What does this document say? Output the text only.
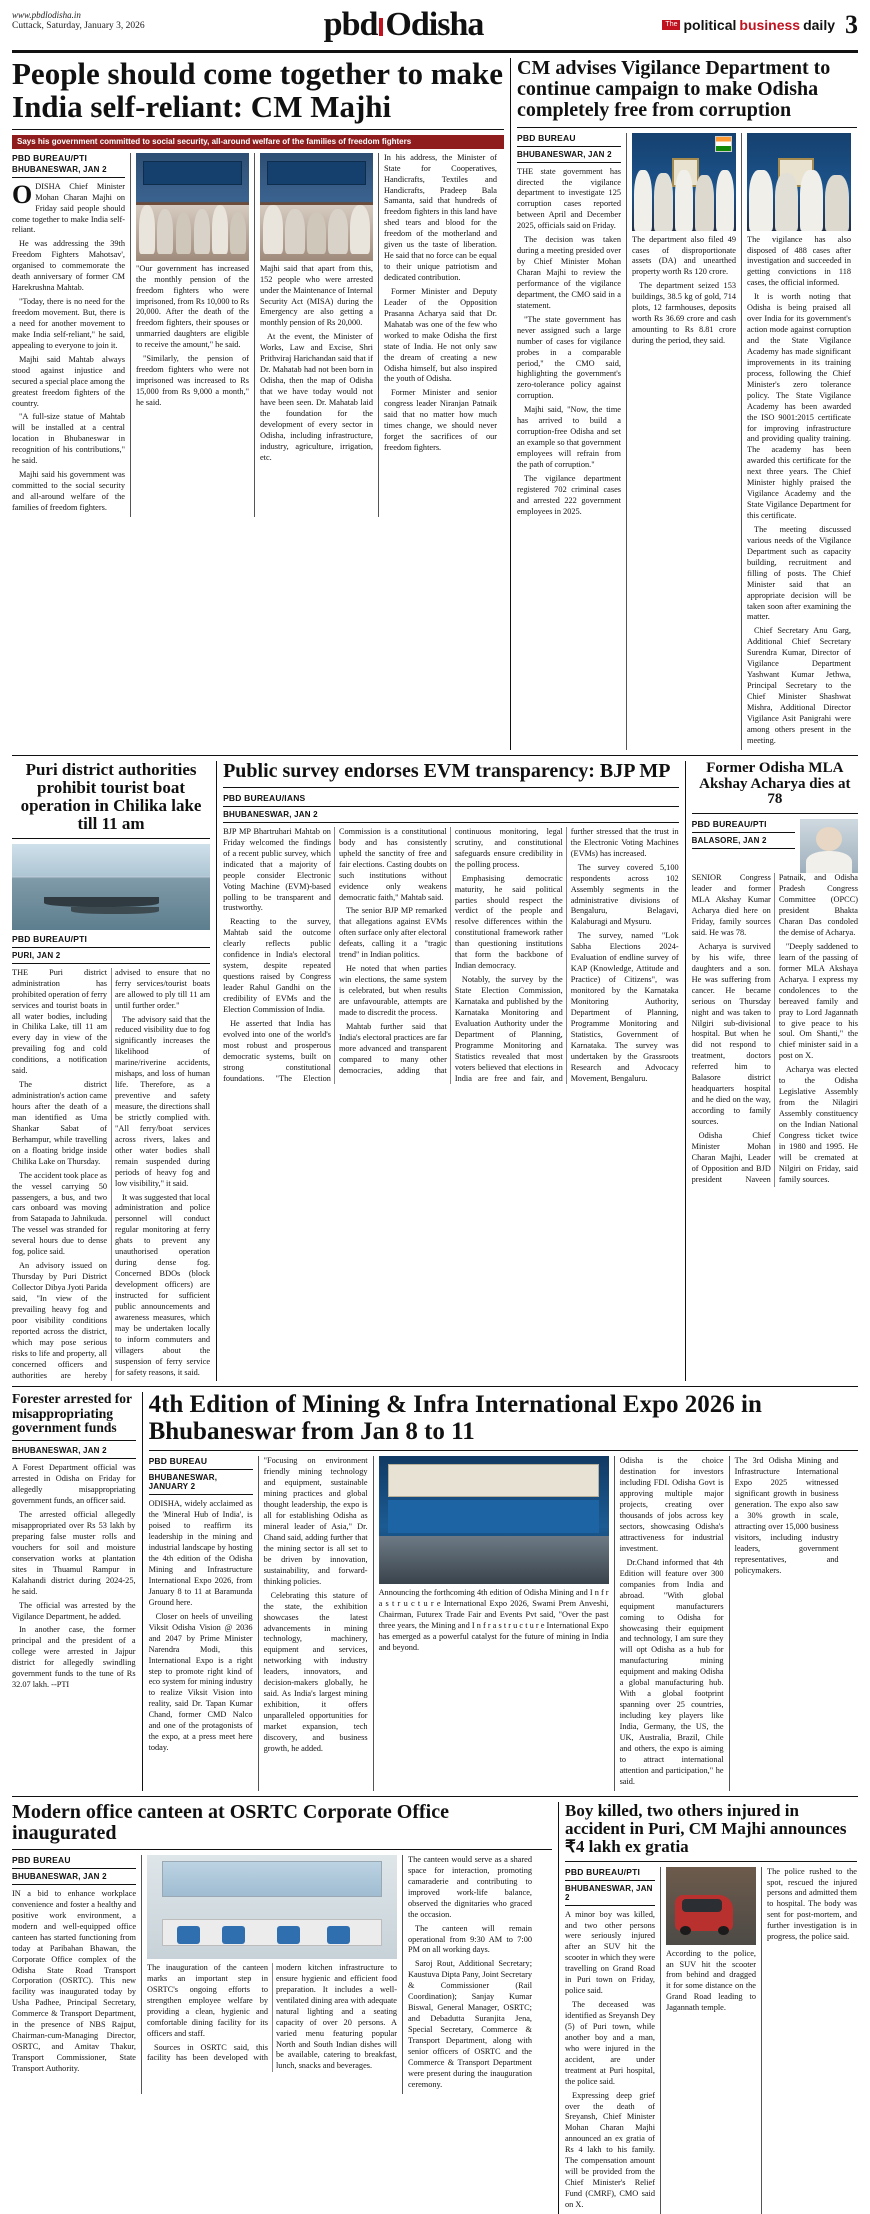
www.pbdlodisha.in
Cuttack, Saturday, January 3, 2026	pbd Odisha	The political business daily 3
People should come together to make India self-reliant: CM Majhi
Says his government committed to social security, all-around welfare of the families of freedom fighters
PBD BUREAU/PTI
BHUBANESWAR, JAN 2

ODISHA Chief Minister Mohan Charan Majhi on Friday said people should come together to make India self-reliant.

He was addressing the 39th Freedom Fighters Mahotsav', organised to commemorate the death anniversary of former CM Harekrushna Mahtab.

"Today, there is no need for the freedom movement. But, there is a need for another movement to make India self-reliant," he said, appealing to everyone to join it.

Majhi said Mahtab always stood against injustice and secured a special place among the greatest freedom fighters of the country.

"A full-size statue of Mahtab will be installed at a central location in Bhubaneswar in recognition of his contributions," he said.

Majhi said his government was committed to the social security and all-around welfare of the families of freedom fighters.

"Our government has increased the monthly pension of the freedom fighters who were imprisoned, from Rs 10,000 to Rs 20,000. After the death of the freedom fighters, their spouses or unmarried daughters are eligible to receive the amount," he said.

"Similarly, the pension of freedom fighters who were not imprisoned was increased to Rs 15,000 from Rs 9,000 a month," he said.

Majhi said that apart from this, 152 people who were arrested under the Maintenance of Internal Security Act (MISA) during the Emergency are also getting a monthly pension of Rs 20,000.

At the event, the Minister of Works, Law and Excise, Shri Prithviraj Harichandan said that if Dr. Mahatab had not been born in Odisha, then the map of Odisha that we have today would not have been seen. Dr. Mahatab laid the foundation for the development of every sector in Odisha, including infrastructure, industry, agriculture, irrigation, etc.

In his address, the Minister of State for Cooperatives, Handicrafts, Textiles and Handicrafts, Pradeep Bala Samanta, said that hundreds of freedom fighters in this land have shed tears and blood for the freedom of the motherland and given us the taste of liberation. He said that no force can be equal to their unique patriotism and dedicated contribution.

Former Minister and Deputy Leader of the Opposition Prasanna Acharya said that Dr. Mahatab was one of the few who worked to make Odisha the first state of India. He not only saw the dream of creating a new Odisha himself, but also inspired the youth of Odisha.

Former Minister and senior congress leader Niranjan Patnaik said that no matter how much times change, we should never forget the sacrifices of our freedom fighters.

CM advises Vigilance Department to continue campaign to make Odisha completely free from corruption
PBD BUREAU
BHUBANESWAR, JAN 2

THE state government has directed the vigilance department to investigate 125 corruption cases reported between April and December 2025, officials said on Friday.

The decision was taken during a meeting presided over by Chief Minister Mohan Charan Majhi to review the performance of the vigilance department, the CMO said in a statement.

"The state government has never assigned such a large number of cases for vigilance probes in a comparable period," the CMO said, highlighting the government's zero-tolerance policy against corruption.

Majhi said, "Now, the time has arrived to build a corruption-free Odisha and set an example so that government employees will refrain from the path of corruption."

The vigilance department registered 702 criminal cases and arrested 222 government employees in 2025.

The department also filed 49 cases of disproportionate assets (DA) and unearthed property worth Rs 120 crore.

The department seized 153 buildings, 38.5 kg of gold, 714 plots, 12 farmhouses, deposits worth Rs 36.69 crore and cash amounting to Rs 8.81 crore during the period, they said.

The vigilance has also disposed of 488 cases after investigation and succeeded in getting convictions in 118 cases, the official informed.

It is worth noting that Odisha is being praised all over India for its government's action mode against corruption and the State Vigilance Academy has made significant improvements in its training process, following the Chief Minister's zero tolerance policy. The State Vigilance Academy has been awarded the ISO 9001:2015 certificate for improving infrastructure and providing quality training. The academy has been awarded this certificate for the next three years. The Chief Minister highly praised the Vigilance Academy and the State Vigilance Department for this certificate.

The meeting discussed various needs of the Vigilance Department such as capacity building, recruitment and filling of posts. The Chief Minister said that an appropriate decision will be taken soon after examining the matter.

Chief Secretary Anu Garg, Additional Chief Secretary Surendra Kumar, Director of Vigilance Department Yashwant Kumar Jethwa, Principal Secretary to the Chief Minister Shashwat Mishra, Additional Director Vigilance Asit Panigrahi were among others present in the meeting.

Puri district authorities prohibit tourist boat operation in Chilika lake till 11 am
PBD BUREAU/PTI
PURI, JAN 2

THE Puri district administration has prohibited operation of ferry services and tourist boats in all water bodies, including in Chilika Lake, till 11 am every day in view of the prevailing fog and cold conditions, a notification said.

The district administration's action came hours after the death of a man identified as Uma Shankar Sabat of Berhampur, while travelling on a floating bridge inside Chilika Lake on Thursday.

The accident took place as the vessel carrying 50 passengers, a bus, and two cars onboard was moving from Satapada to Jahnikuda. The vessel was stranded for several hours due to dense fog, police said.

An advisory issued on Thursday by Puri District Collector Dibya Jyoti Parida said, "In view of the prevailing heavy fog and poor visibility conditions reported across the district, which may pose serious risks to life and property, all concerned officers and authorities are hereby advised to ensure that no ferry services/tourist boats are allowed to ply till 11 am until further order."

The advisory said that the reduced visibility due to fog significantly increases the likelihood of marine/riverine accidents, mishaps, and loss of human life. Therefore, as a preventive and safety measure, the directions shall be strictly complied with. "All ferry/boat services across rivers, lakes and other water bodies shall remain suspended during periods of heavy fog and low visibility," it said.

It was suggested that local administration and police personnel will conduct regular monitoring at ferry ghats to prevent any unauthorised operation during dense fog. Concerned BDOs (block development officers) are instructed for sufficient public announcements and awareness measures, which may be undertaken locally to inform commuters and villagers about the suspension of ferry service for safety reasons, it said.

Public survey endorses EVM transparency: BJP MP
PBD BUREAU/IANS
BHUBANESWAR, JAN 2

BJP MP Bhartruhari Mahtab on Friday welcomed the findings of a recent public survey, which indicated that a majority of people consider Electronic Voting Machine (EVM)-based polling to be transparent and trustworthy.

Reacting to the survey, Mahtab said the outcome clearly reflects public confidence in India's electoral system, despite repeated questions raised by Congress leader Rahul Gandhi on the credibility of EVMs and the Election Commission of India.

He asserted that India has evolved into one of the world's most robust and prosperous democratic systems, built on strong constitutional foundations. "The Election Commission is a constitutional body and has consistently upheld the sanctity of free and fair elections. Casting doubts on such institutions without evidence only weakens democratic faith," Mahtab said.

The senior BJP MP remarked that allegations against EVMs often surface only after electoral defeats, calling it a "tragic trend" in Indian politics.

He noted that when parties win elections, the same system is celebrated, but when results are unfavourable, attempts are made to discredit the process.

Mahtab further said that India's electoral practices are far more advanced and transparent compared to many other democracies, adding that continuous monitoring, legal scrutiny, and constitutional safeguards ensure credibility in the polling process.

Emphasising democratic maturity, he said political parties should respect the verdict of the people and resolve differences within the constitutional framework rather than questioning institutions that form the backbone of Indian democracy.

Notably, the survey by the State Election Commission, Karnataka and published by the Karnataka Monitoring and Evaluation Authority under the Department of Planning, Programme Monitoring and Statistics revealed that most voters believed that elections in India are free and fair, and further stressed that the trust in the Electronic Voting Machines (EVMs) has increased.

The survey covered 5,100 respondents across 102 Assembly segments in the administrative divisions of Bengaluru, Belagavi, Kalaburagi and Mysuru.

The survey, named "Lok Sabha Elections 2024- Evaluation of endline survey of KAP (Knowledge, Attitude and Practice) of Citizens", was monitored by the Karnataka Monitoring Authority, Department of Planning, Programme Monitoring and Statistics, Government of Karnataka. The survey was undertaken by the Grassroots Research and Advocacy Movement, Bengaluru.

Former Odisha MLA Akshay Acharya dies at 78
PBD BUREAU/PTI
BALASORE, JAN 2

SENIOR Congress leader and former MLA Akshay Kumar Acharya died here on Friday, family sources said. He was 78.

Acharya is survived by his wife, three daughters and a son. He was suffering from cancer. He became serious on Thursday night and was taken to Nilgiri sub-divisional hospital. But when he did not respond to treatment, doctors referred him to Balasore district headquarters hospital and he died on the way, according to family sources.

Odisha Chief Minister Mohan Charan Majhi, Leader of Opposition and BJD president Naveen Patnaik, and Odisha Pradesh Congress Committee (OPCC) president Bhakta Charan Das condoled the demise of Acharya.

"Deeply saddened to learn of the passing of former MLA Akshaya Acharya. I express my condolences to the bereaved family and pray to Lord Jagannath to give peace to his soul. Om Shanti," the chief minister said in a post on X.

Acharya was elected to the Odisha Legislative Assembly from the Nilagiri Assembly constituency on the Indian National Congress ticket twice in 1980 and 1995. He will be cremated at Nilgiri on Friday, said family sources.

Forester arrested for misappropriating government funds
BHUBANESWAR, JAN 2

A Forest Department official was arrested in Odisha on Friday for allegedly misappropriating government funds, an officer said.

The arrested official allegedly misappropriated over Rs 53 lakh by preparing false muster rolls and vouchers for soil and moisture conservation works at plantation sites in Thuamul Rampur in Kalahandi district during 2024-25, he said.

The official was arrested by the Vigilance Department, he added.

In another case, the former principal and the president of a college were arrested in Jajpur district for allegedly swindling government funds to the tune of Rs 32.07 lakh. --PTI

4th Edition of Mining & Infra International Expo 2026 in Bhubaneswar from Jan 8 to 11
PBD BUREAU
BHUBANESWAR, JANUARY 2

ODISHA, widely acclaimed as the 'Mineral Hub of India', is poised to reaffirm its leadership in the mining and industrial landscape by hosting the 4th edition of the Odisha Mining and Infrastructure International Expo 2026, from January 8 to 11 at Baramunda Ground here.

Closer on heels of unveiling Viksit Odisha Vision @ 2036 and 2047 by Prime Minister Narendra Modi, this International Expo is a right step to promote right kind of eco system for mining industry to realize Viksit Vision into reality, said Dr. Tapan Kumar Chand, former CMD Nalco and one of the protagonists of the expo, at a press meet here today.

"Focusing on environment friendly mining technology and equipment, sustainable mining practices and global thought leadership, the expo is all for establishing Odisha as mineral leader of Asia," Dr. Chand said, adding further that the mining sector is all set to be driven by innovation, sustainability, and forward-thinking policies.

Celebrating this stature of the state, the exhibition showcases the latest advancements in mining technology, machinery, equipment and services, networking with industry leaders, innovators, and decision-makers globally, he said. As India's largest mining exhibition, it offers unparalleled opportunities for market expansion, tech discovery, and business growth, he added.

Announcing the forthcoming 4th edition of Odisha Mining and I n f r a s t r u c t u r e International Expo 2026, Swami Prem Anveshi, Chairman, Futurex Trade Fair and Events Pvt said, "Over the past three years, the Mining and I n f r a s t r u c t u r e International Expo has emerged as a powerful catalyst for the future of mining in India and beyond.

Odisha is the choice destination for investors including FDI. Odisha Govt is approving multiple major projects, creating over thousands of jobs across key sectors, showcasing Odisha's attractiveness for industrial investment.

Dr.Chand informed that 4th Edition will feature over 300 companies from India and abroad. "With global equipment manufacturers coming to Odisha for showcasing their equipment and technology, I am sure they will opt Odisha as a hub for manufacturing mining equipment and making Odisha a global manufacturing hub. With a global footprint spanning over 25 countries, including key players like India, Germany, the US, the UK, Australia, Brazil, Chile and others, the expo is aiming to attract international attention and participation," he said.

The 3rd Odisha Mining and Infrastructure International Expo 2025 witnessed significant growth in business generation. The expo also saw a 30% growth in scale, attracting over 15,000 business visitors, including industry leaders, government representatives, and policymakers.

Modern office canteen at OSRTC Corporate Office inaugurated
PBD BUREAU
BHUBANESWAR, JAN 2

IN a bid to enhance workplace convenience and foster a healthy and positive work environment, a modern and well-equipped office canteen has started functioning from today at Paribahan Bhawan, the Corporate Office complex of the Odisha State Road Transport Corporation (OSRTC). This new facility was inaugurated today by Usha Padhee, Principal Secretary, Commerce & Transport Department, in the presence of NBS Rajput, Chairman-cum-Managing Director, OSRTC, and Amitav Thakur, Transport Commissioner, State Transport Authority.

The inauguration of the canteen marks an important step in OSRTC's ongoing efforts to strengthen employee welfare by providing a clean, hygienic and comfortable dining facility for its officers and staff.

Sources in OSRTC said, this facility has been developed with modern kitchen infrastructure to ensure hygienic and efficient food preparation. It includes a well-ventilated dining area with adequate natural lighting and a seating capacity of over 20 persons. A varied menu featuring popular North and South Indian dishes will be available, catering to breakfast, lunch, snacks and beverages.

The canteen would serve as a shared space for interaction, promoting camaraderie and contributing to improved work-life balance, observed the dignitaries who graced the occasion.

The canteen will remain operational from 9:30 AM to 7:00 PM on all working days.

Saroj Rout, Additional Secretary; Kaustuva Dipta Pany, Joint Secretary & Commissioner (Rail Coordination); Sanjay Kumar Biswal, General Manager, OSRTC; and Debadutta Suranjita Jena, Special Secretary, Commerce & Transport Department, along with senior officers of OSRTC and the Commerce & Transport Department were present during the inauguration ceremony.

Boy killed, two others injured in accident in Puri, CM Majhi announces ₹4 lakh ex gratia
PBD BUREAU/PTI
BHUBANESWAR, JAN 2

A minor boy was killed, and two other persons were seriously injured after an SUV hit the scooter in which they were travelling on Grand Road in Puri town on Friday, police said.

The deceased was identified as Sreyansh Dey (5) of Puri town, while another boy and a man, who were injured in the accident, are under treatment at Puri hospital, the police said.

Expressing deep grief over the death of Sreyansh, Chief Minister Mohan Charan Majhi announced an ex gratia of Rs 4 lakh to his family. The compensation amount will be provided from the Chief Minister's Relief Fund (CMRF), CMO said on X.

According to the police, an SUV hit the scooter from behind and dragged it for some distance on the Grand Road leading to Jagannath temple.

The police rushed to the spot, rescued the injured persons and admitted them to hospital. The body was sent for post-mortem, and further investigation is in progress, the police said.
